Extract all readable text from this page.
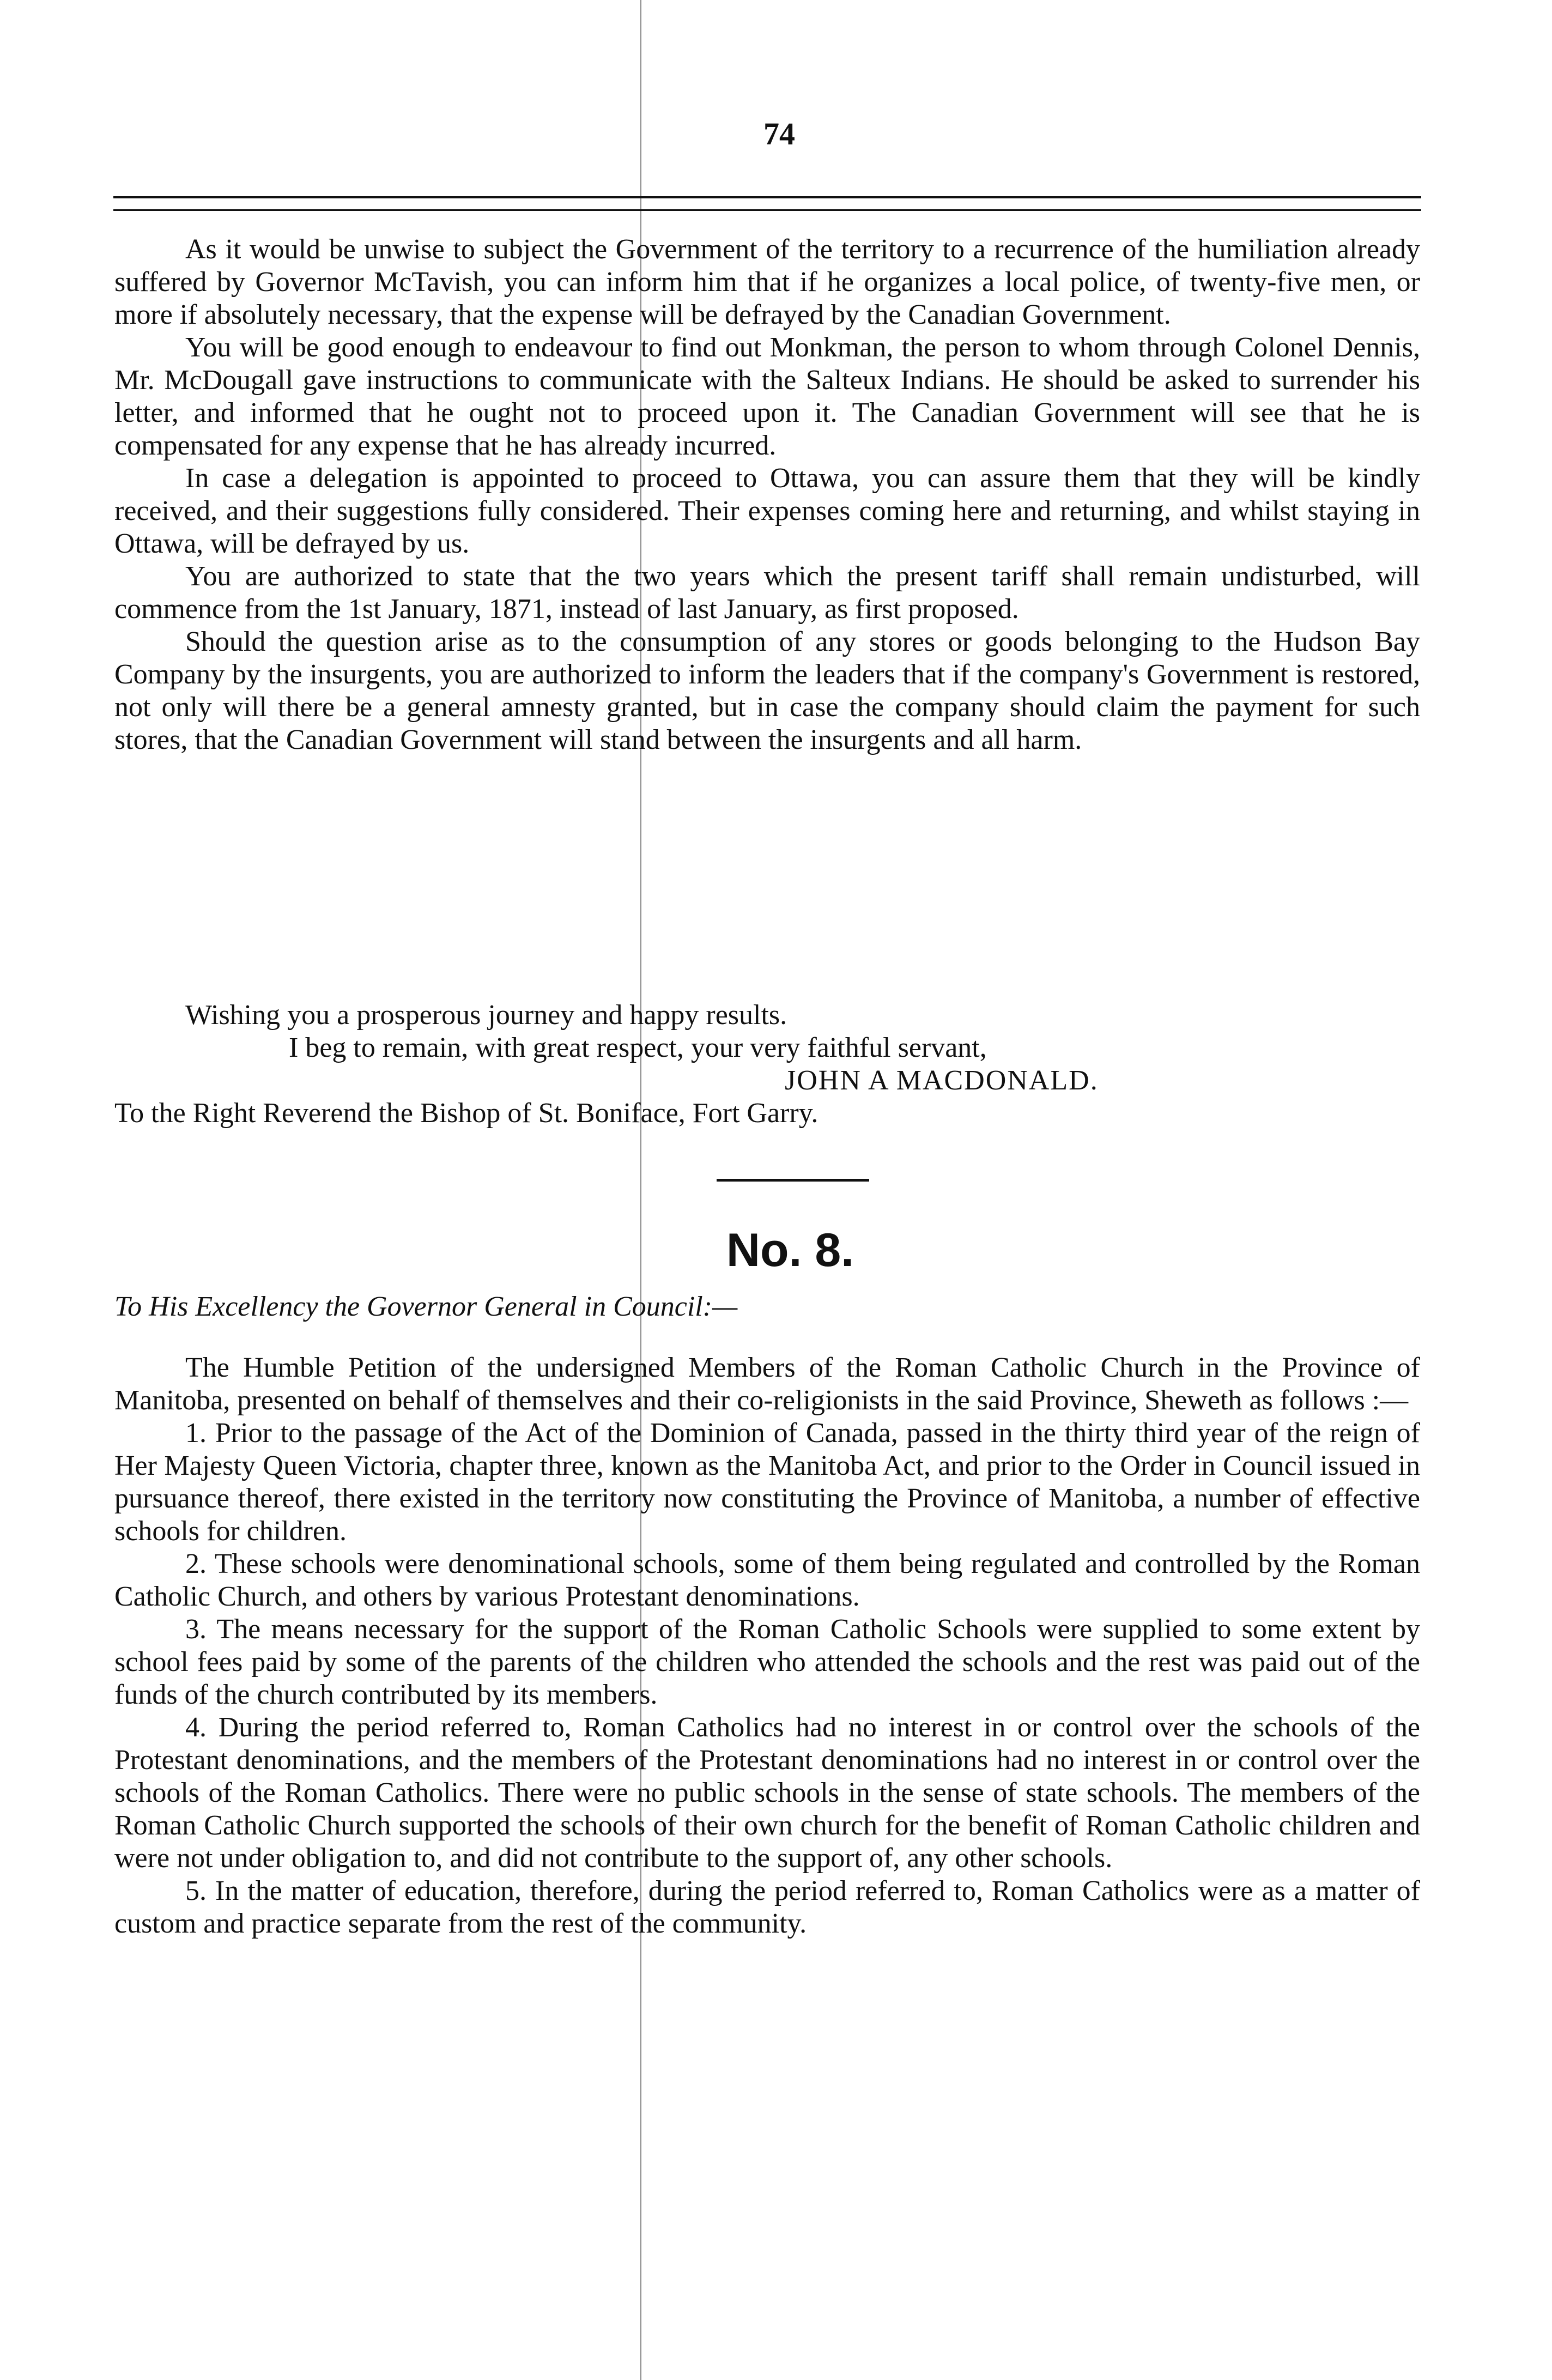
74

As it would be unwise to subject the Government of the territory to a recurrence of the humiliation already suffered by Governor McTavish, you can inform him that if he organizes a local police, of twenty-five men, or more if absolutely necessary, that the expense will be defrayed by the Canadian Government.

You will be good enough to endeavour to find out Monkman, the person to whom through Colonel Dennis, Mr. McDougall gave instructions to communicate with the Salteux Indians. He should be asked to surrender his letter, and informed that he ought not to proceed upon it. The Canadian Government will see that he is compensated for any expense that he has already incurred.

In case a delegation is appointed to proceed to Ottawa, you can assure them that they will be kindly received, and their suggestions fully considered. Their expenses coming here and returning, and whilst staying in Ottawa, will be defrayed by us.

You are authorized to state that the two years which the present tariff shall remain undisturbed, will commence from the 1st January, 1871, instead of last January, as first proposed.

Should the question arise as to the consumption of any stores or goods belonging to the Hudson Bay Company by the insurgents, you are authorized to inform the leaders that if the company's Government is restored, not only will there be a general amnesty granted, but in case the company should claim the payment for such stores, that the Canadian Government will stand between the insurgents and all harm.

Wishing you a prosperous journey and happy results.
I beg to remain, with great respect, your very faithful servant,
JOHN A MACDONALD.
To the Right Reverend the Bishop of St. Boniface, Fort Garry.
No. 8.
To His Excellency the Governor General in Council:—

The Humble Petition of the undersigned Members of the Roman Catholic Church in the Province of Manitoba, presented on behalf of themselves and their co-religionists in the said Province, Sheweth as follows :—

1. Prior to the passage of the Act of the Dominion of Canada, passed in the thirty third year of the reign of Her Majesty Queen Victoria, chapter three, known as the Manitoba Act, and prior to the Order in Council issued in pursuance thereof, there existed in the territory now constituting the Province of Manitoba, a number of effective schools for children.

2. These schools were denominational schools, some of them being regulated and controlled by the Roman Catholic Church, and others by various Protestant denominations.

3. The means necessary for the support of the Roman Catholic Schools were supplied to some extent by school fees paid by some of the parents of the children who attended the schools and the rest was paid out of the funds of the church contributed by its members.

4. During the period referred to, Roman Catholics had no interest in or control over the schools of the Protestant denominations, and the members of the Protestant denominations had no interest in or control over the schools of the Roman Catholics. There were no public schools in the sense of state schools. The members of the Roman Catholic Church supported the schools of their own church for the benefit of Roman Catholic children and were not under obligation to, and did not contribute to the support of, any other schools.

5. In the matter of education, therefore, during the period referred to, Roman Catholics were as a matter of custom and practice separate from the rest of the community.
